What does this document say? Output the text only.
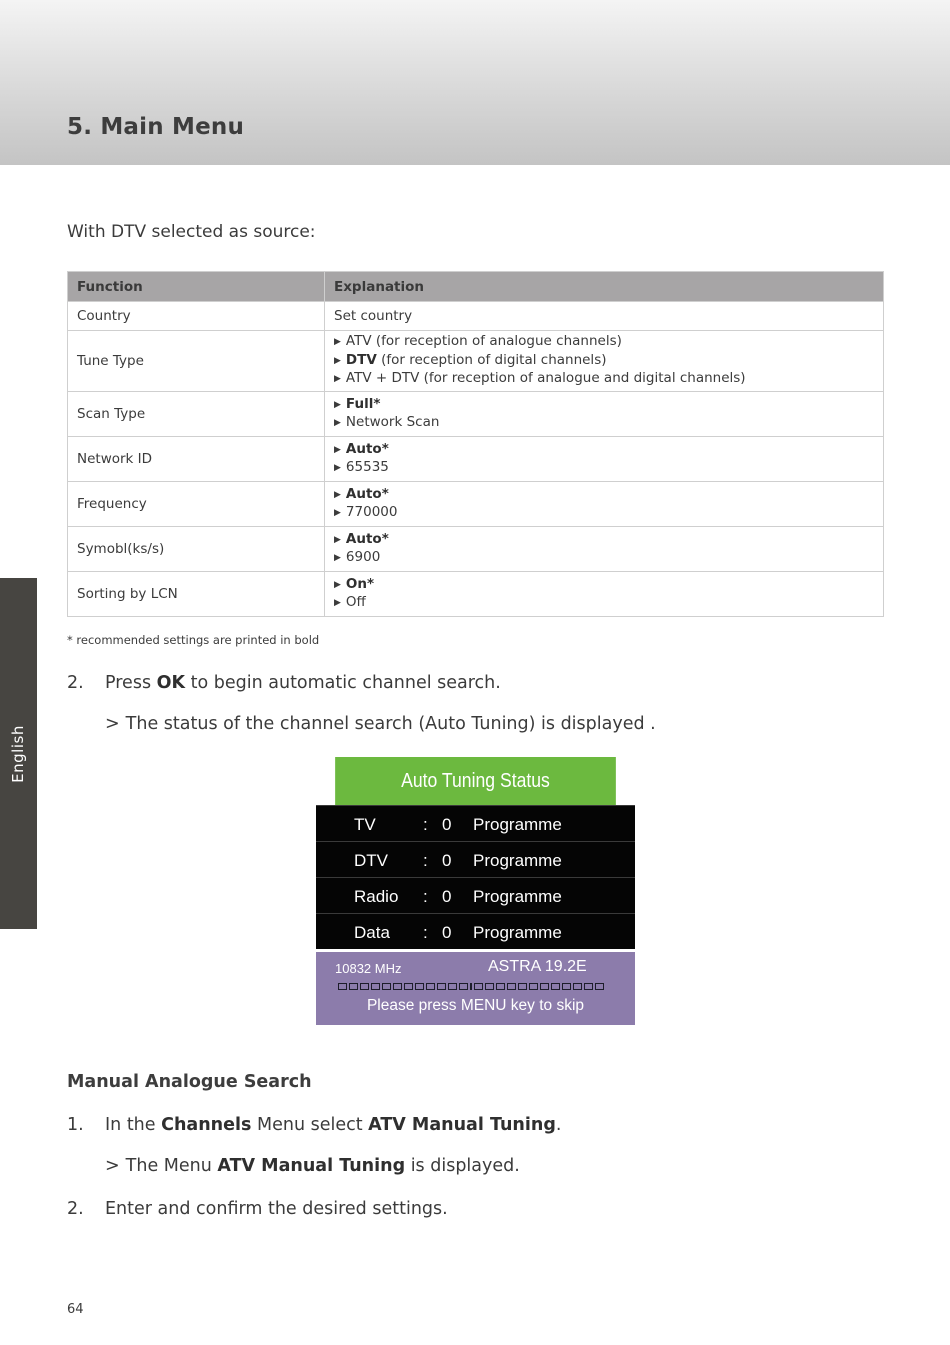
5. Main Menu
English
With DTV selected as source:
Function	Explanation
Country	Set country
Tune Type	▶ ATV (for reception of analogue channels)
▶ DTV (for reception of digital channels)
▶ ATV + DTV (for reception of analogue and digital channels)

Scan Type	▶ Full*
▶ Network Scan

Network ID	▶ Auto*
▶ 65535

Frequency	▶ Auto*
▶ 770000

Symobl(ks/s)	▶ Auto*
▶ 6900

Sorting by LCN	▶ On*
▶ Off
* recommended settings are printed in bold
2. Press OK to begin automatic channel search.
> The status of the channel search (Auto Tuning) is displayed .
Auto Tuning Status
TV	: 0 Programme
DTV : 0 Programme
Radio : 0 Programme
Data : 0 Programme
10832 MHz	ASTRA 19.2E
Please press MENU key to skip
Manual Analogue Search
1. In the Channels Menu select ATV Manual Tuning.
> The Menu ATV Manual Tuning is displayed.
2. Enter and confirm the desired settings.
64
